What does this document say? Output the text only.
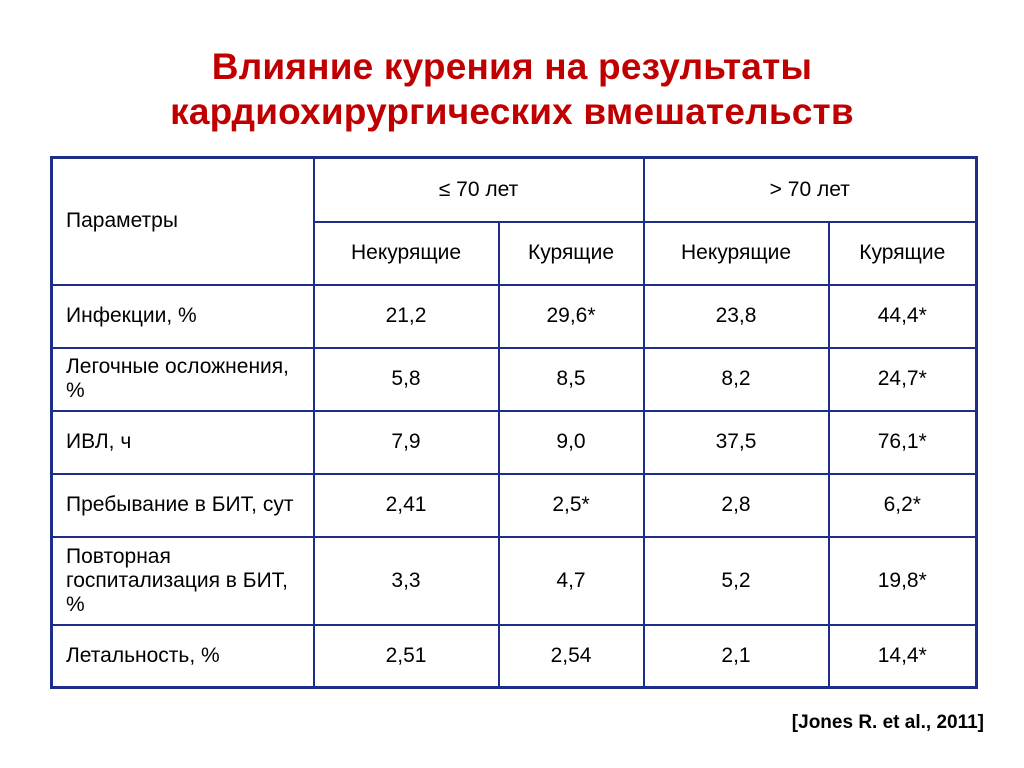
Влияние курения на результаты
кардиохирургических вмешательств
Параметры	≤ 70 лет		> 70 лет	
	Некурящие	Курящие	Некурящие	Курящие
Инфекции, %	21,2	29,6*	23,8	44,4*
Легочные осложнения, %	5,8	8,5	8,2	24,7*
ИВЛ, ч	7,9	9,0	37,5	76,1*
Пребывание в БИТ, сут	2,41	2,5*	2,8	6,2*
Повторная госпитализация в БИТ, %	3,3	4,7	5,2	19,8*
Летальность, %	2,51	2,54	2,1	14,4*
[Jones R. et al., 2011]
